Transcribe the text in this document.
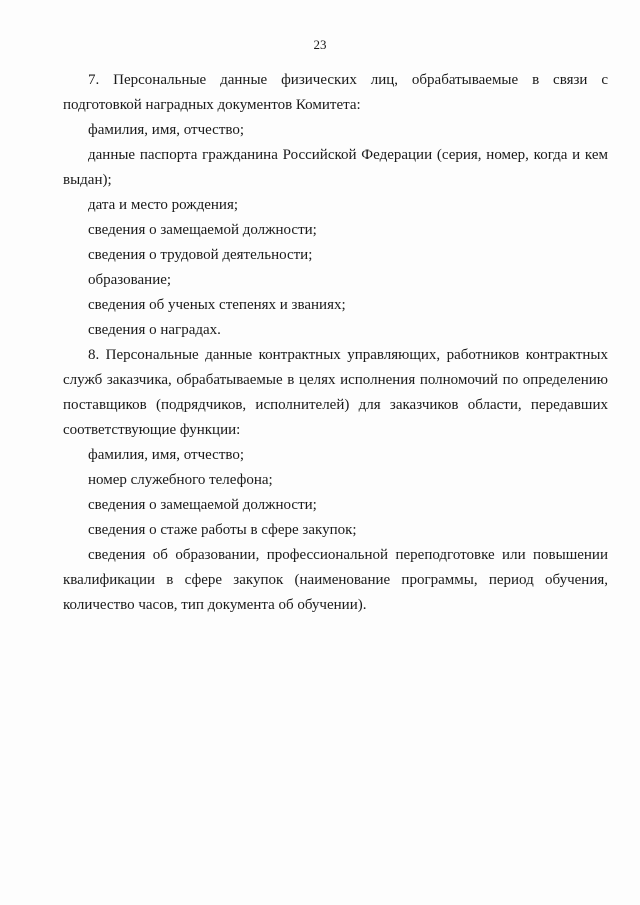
23

7. Персональные данные физических лиц, обрабатываемые в связи с подготовкой наградных документов Комитета:

фамилия, имя, отчество;

данные паспорта гражданина Российской Федерации (серия, номер, когда и кем выдан);

дата и место рождения;

сведения о замещаемой должности;

сведения о трудовой деятельности;

образование;

сведения об ученых степенях и званиях;

сведения о наградах.

8. Персональные данные контрактных управляющих, работников контрактных служб заказчика, обрабатываемые в целях исполнения полномочий по определению поставщиков (подрядчиков, исполнителей) для заказчиков области, передавших соответствующие функции:

фамилия, имя, отчество;

номер служебного телефона;

сведения о замещаемой должности;

сведения о стаже работы в сфере закупок;

сведения об образовании, профессиональной переподготовке или повышении квалификации в сфере закупок (наименование программы, период обучения, количество часов, тип документа об обучении).
